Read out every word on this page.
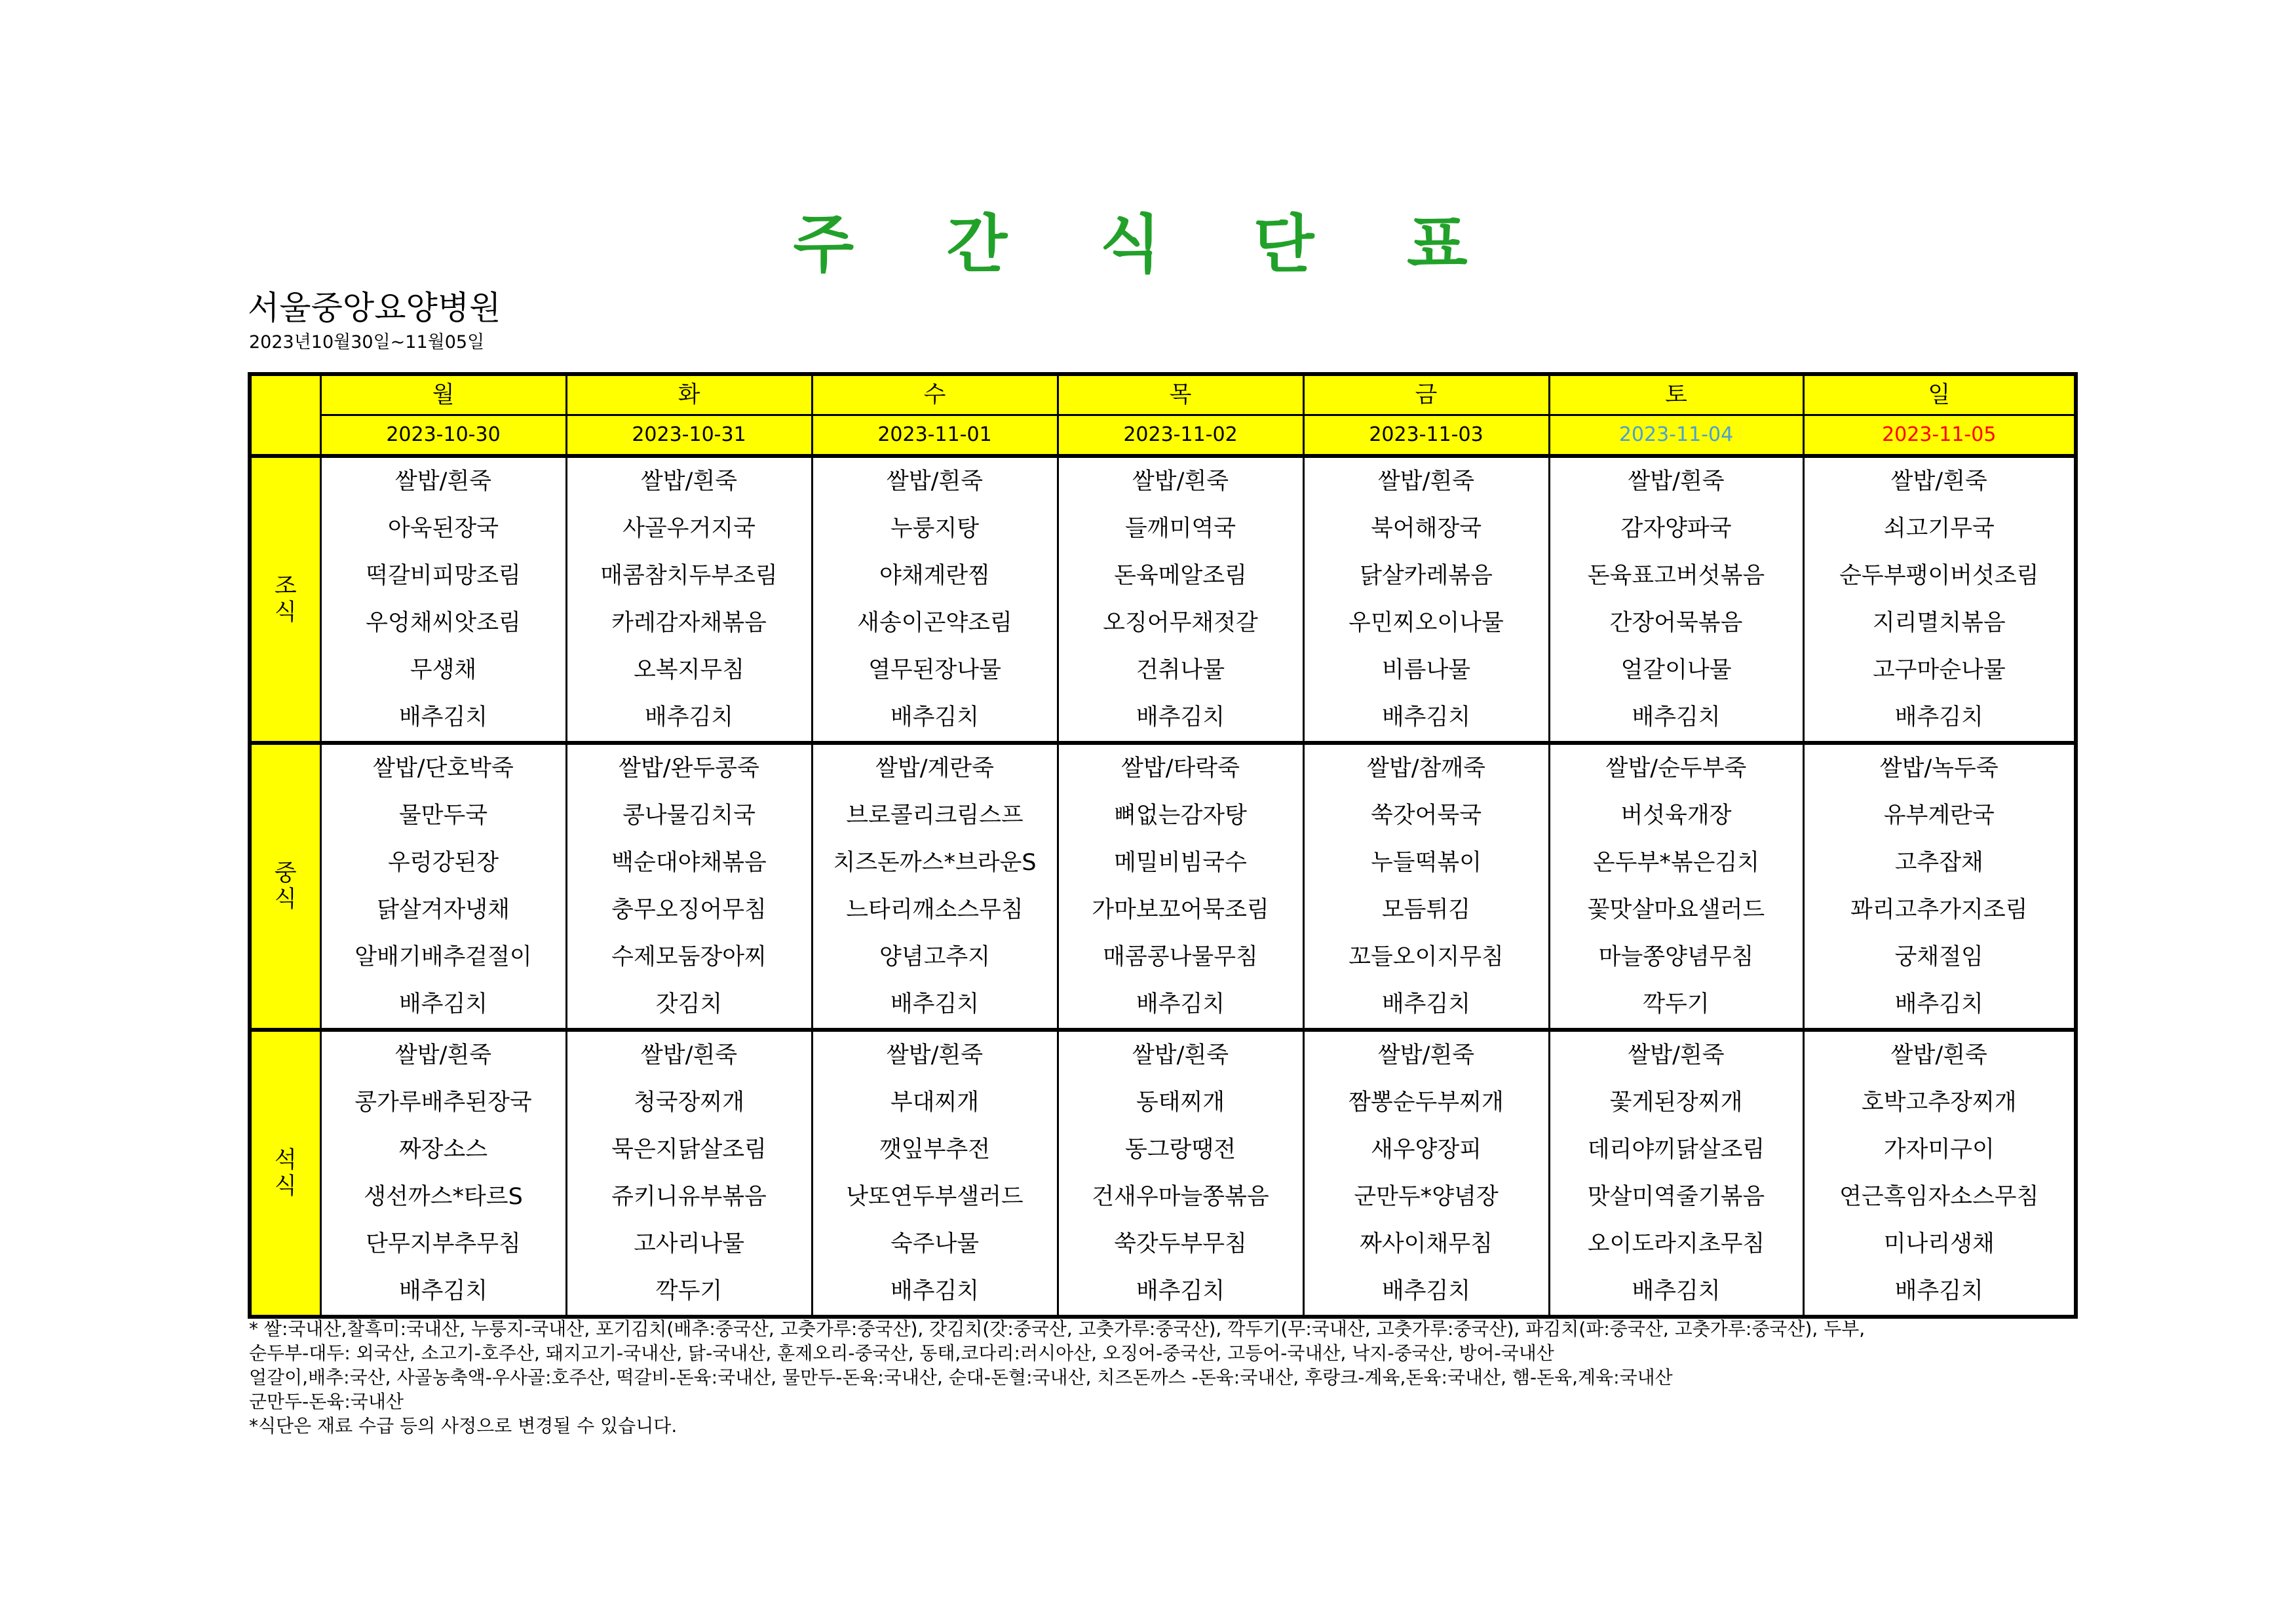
주 간 식 단 표
서울중앙요양병원
2023년10월30일~11월05일
	월	화	수	목	금	토	일
	2023-10-30	2023-10-31	2023-11-01	2023-11-02	2023-11-03	2023-11-04	2023-11-05
조
식	쌀밥/흰죽	쌀밥/흰죽	쌀밥/흰죽	쌀밥/흰죽	쌀밥/흰죽	쌀밥/흰죽	쌀밥/흰죽
	아욱된장국	사골우거지국	누룽지탕	들깨미역국	북어해장국	감자양파국	쇠고기무국
	떡갈비피망조림	매콤참치두부조림	야채계란찜	돈육메알조림	닭살카레볶음	돈육표고버섯볶음	순두부팽이버섯조림
	우엉채씨앗조림	카레감자채볶음	새송이곤약조림	오징어무채젓갈	우민찌오이나물	간장어묵볶음	지리멸치볶음
	무생채	오복지무침	열무된장나물	건취나물	비름나물	얼갈이나물	고구마순나물
	배추김치	배추김치	배추김치	배추김치	배추김치	배추김치	배추김치
중
식	쌀밥/단호박죽	쌀밥/완두콩죽	쌀밥/계란죽	쌀밥/타락죽	쌀밥/참깨죽	쌀밥/순두부죽	쌀밥/녹두죽
	물만두국	콩나물김치국	브로콜리크림스프	뼈없는감자탕	쑥갓어묵국	버섯육개장	유부계란국
	우렁강된장	백순대야채볶음	치즈돈까스*브라운S	메밀비빔국수	누들떡볶이	온두부*볶은김치	고추잡채
	닭살겨자냉채	충무오징어무침	느타리깨소스무침	가마보꼬어묵조림	모듬튀김	꽃맛살마요샐러드	꽈리고추가지조림
	알배기배추겉절이	수제모둠장아찌	양념고추지	매콤콩나물무침	꼬들오이지무침	마늘쫑양념무침	궁채절임
	배추김치	갓김치	배추김치	배추김치	배추김치	깍두기	배추김치
석
식	쌀밥/흰죽	쌀밥/흰죽	쌀밥/흰죽	쌀밥/흰죽	쌀밥/흰죽	쌀밥/흰죽	쌀밥/흰죽
	콩가루배추된장국	청국장찌개	부대찌개	동태찌개	짬뽕순두부찌개	꽃게된장찌개	호박고추장찌개
	짜장소스	묵은지닭살조림	깻잎부추전	동그랑땡전	새우양장피	데리야끼닭살조림	가자미구이
	생선까스*타르S	쥬키니유부볶음	낫또연두부샐러드	건새우마늘쫑볶음	군만두*양념장	맛살미역줄기볶음	연근흑임자소스무침
	단무지부추무침	고사리나물	숙주나물	쑥갓두부무침	짜사이채무침	오이도라지초무침	미나리생채
	배추김치	깍두기	배추김치	배추김치	배추김치	배추김치	배추김치
* 쌀:국내산,찰흑미:국내산, 누룽지-국내산, 포기김치(배추:중국산, 고춧가루:중국산), 갓김치(갓:중국산, 고춧가루:중국산), 깍두기(무:국내산, 고춧가루:중국산), 파김치(파:중국산, 고춧가루:중국산), 두부,
순두부-대두: 외국산, 소고기-호주산, 돼지고기-국내산, 닭-국내산, 훈제오리-중국산, 동태,코다리:러시아산, 오징어-중국산, 고등어-국내산, 낙지-중국산, 방어-국내산
얼갈이,배추:국산, 사골농축액-우사골:호주산, 떡갈비-돈육:국내산, 물만두-돈육:국내산, 순대-돈혈:국내산, 치즈돈까스 -돈육:국내산, 후랑크-계육,돈육:국내산, 햄-돈육,계육:국내산
군만두-돈육:국내산
*식단은 재료 수급 등의 사정으로 변경될 수 있습니다.
